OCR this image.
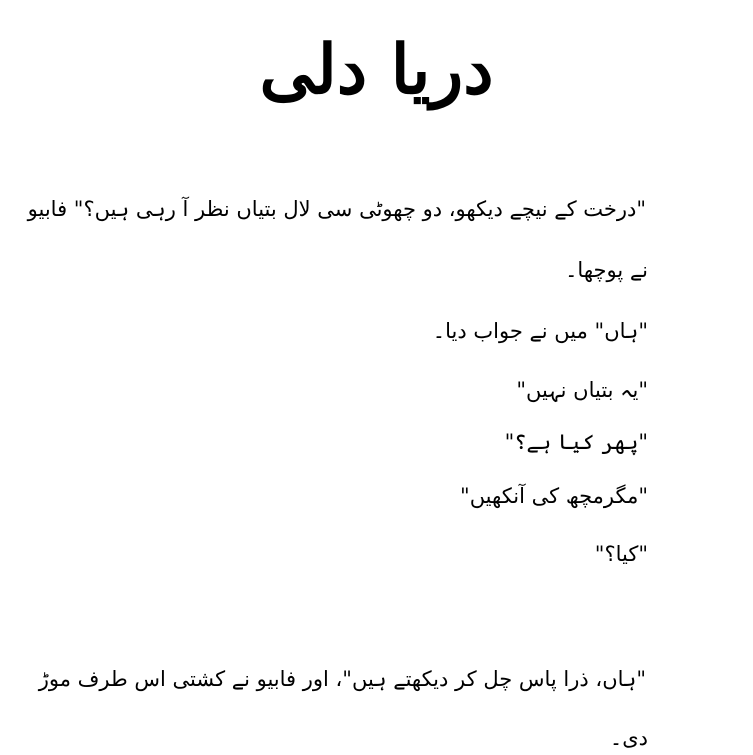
دریا دلی
"درخت کے نیچے دیکھو، دو چھوٹی سی لال بتیاں نظر آ رہی ہیں؟" فابیو
نے پوچھا۔
"ہاں" میں نے جواب دیا۔
"یہ بتیاں نہیں"
"پھر کیا ہے؟"
"مگرمچھ کی آنکھیں"
"کیا؟"
"ہاں، ذرا پاس چل کر دیکھتے ہیں"، اور فابیو نے کشتی اس طرف موڑ
دی۔
